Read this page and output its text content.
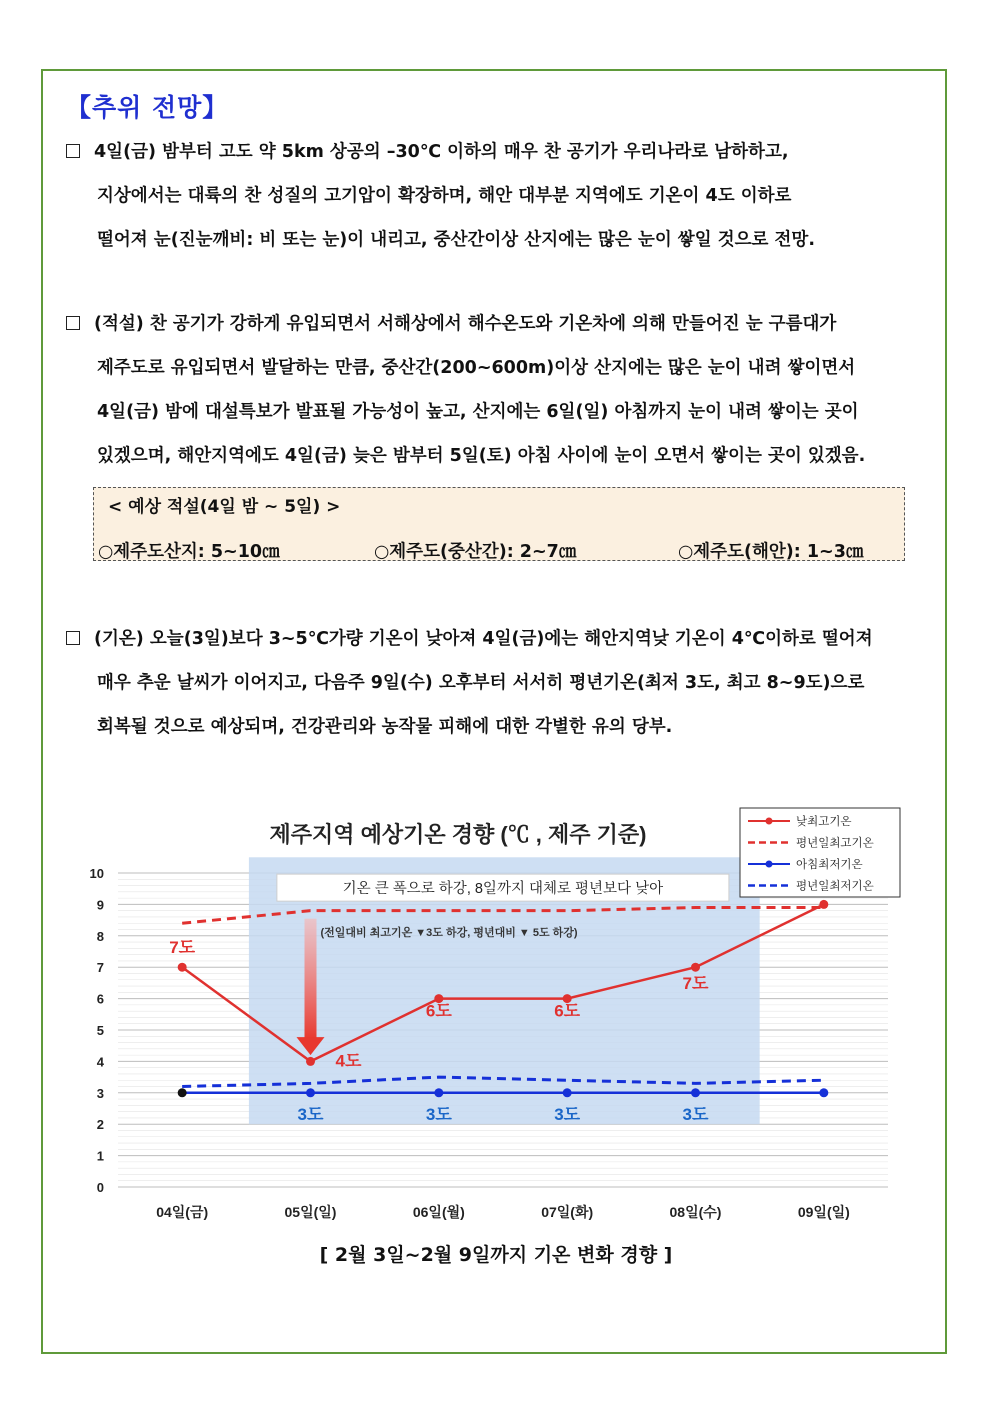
【추위 전망】
4일(금) 밤부터 고도 약 5km 상공의 –30℃ 이하의 매우 찬 공기가 우리나라로 남하하고,
지상에서는 대륙의 찬 성질의 고기압이 확장하며, 해안 대부분 지역에도 기온이 4도 이하로
떨어져 눈(진눈깨비: 비 또는 눈)이 내리고, 중산간이상 산지에는 많은 눈이 쌓일 것으로 전망.
(적설) 찬 공기가 강하게 유입되면서 서해상에서 해수온도와 기온차에 의해 만들어진 눈 구름대가
제주도로 유입되면서 발달하는 만큼, 중산간(200~600m)이상 산지에는 많은 눈이 내려 쌓이면서
4일(금) 밤에 대설특보가 발표될 가능성이 높고, 산지에는 6일(일) 아침까지 눈이 내려 쌓이는 곳이
있겠으며, 해안지역에도 4일(금) 늦은 밤부터 5일(토) 아침 사이에 눈이 오면서 쌓이는 곳이 있겠음.
< 예상 적설(4일 밤 ~ 5일) >
○제주도산지: 5~10㎝	○제주도(중산간): 2~7㎝	○제주도(해안): 1~3㎝
(기온) 오늘(3일)보다 3~5℃가량 기온이 낮아져 4일(금)에는 해안지역낮 기온이 4℃이하로 떨어져
매우 추운 날씨가 이어지고, 다음주 9일(수) 오후부터 서서히 평년기온(최저 3도, 최고 8~9도)으로
회복될 것으로 예상되며, 건강관리와 농작물 피해에 대한 각별한 유의 당부.
기온 큰 폭으로 하강, 8일까지 대체로 평년보다 낮아
(전일대비 최고기온 ▼3도 하강, 평년대비 ▼ 5도 하강)
0
1
2
3
4
5
6
7
8
9
10
04일(금)	05일(일)	06일(월)	07일(화)	08일(수)	09일(일)
7도
4도
6도	6도
7도
3도	3도	3도	3도
제주지역 예상기온 경향 (℃ , 제주 기준)	낮최고기온
평년일최고기온
아침최저기온
평년일최저기온
[ 2월 3일~2월 9일까지 기온 변화 경향 ]
